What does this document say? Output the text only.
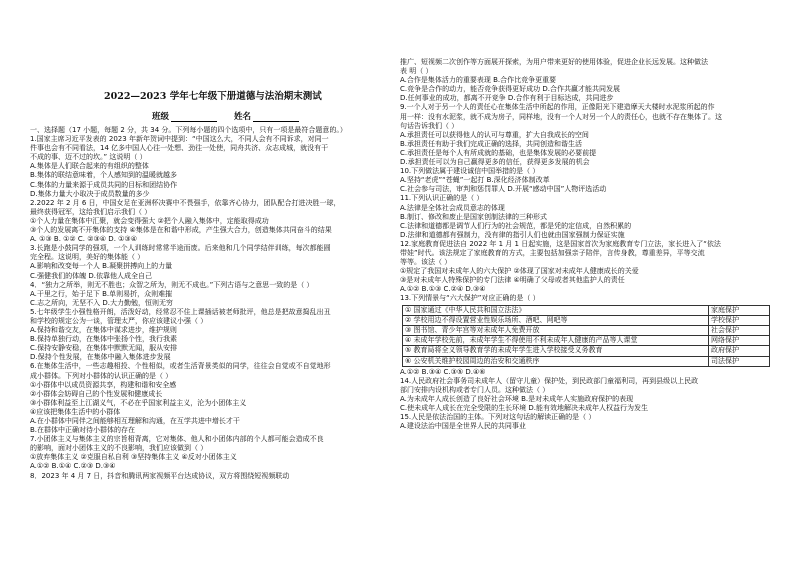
2022—2023 学年七年级下册道德与法治期末测试
班级	姓名
一、选择题（17 小题，每题 2 分，共 34 分。下列每小题的四个选项中，只有一项是最符合题意的。）
1.国家主席习近平发表的 2023 年新年贺词中提到：“中国这么大，不同人会有不同诉求，对同一
件事也会有不同看法，14 亿多中国人心往一处想、劲往一处使，同舟共济、众志成城，就没有干
不成的事、迈不过的坎。” 这说明（ ）
A.集体是人们联合起来的有组织的整体
B.集体的联结意味着，个人感知到的温暖就越多
C.集体的力量来源于成员共同的目标和团结协作
D.集体力量大小取决于成员数量的多少
2.2022 年 2 月 6 日，中国女足在亚洲杯决赛中不畏强手，依靠齐心协力，团队配合打进决胜一球，
最终获得冠军，这给我们启示我们（ ）
①个人力量在集体中汇聚，就会变得强大 ②把个人融入集体中，定能取得成功
③个人的发展离不开集体的支持 ④集体是在和谐中形成，产生强大合力，创造集体共同奋斗的结果
A. ①③ B. ①② C. ②③④ D. ①③④
3.长跑是小鼓同学的强项，一个人训练时常常半途而废。后来他和几个同学结伴训练，每次都能圆
完全程。这说明，美好的集体能（ ）
A.影响和改变每一个人 B.凝聚拼搏向上的力量
C.强健我们的体魄 D.依靠他人成全自己
4．“独力之所举，则无不胜也；众智之所为，则无不成也。”下列古语与之意思一致的是（ ）
A.干里之行，始于足下 B.单则易折，众则难摧
C.志之所向，无坚不入 D.大力勤勉，恒则无穷
5.七年级学生小强性格开朗，活泼好动，经常忍不住上课插话被老师批评，他总是把故意捣乱出丑
和学校的规定公为一谈，管理太严，你应该建议小强（ ）
A.保持和谐交友，在集体中谋求进步，维护规则
B.保持单独行动，在集体中张扬个性，我行我素
C.保持安静安稳，在集体中默默无闻，服从安排
D.保持个性发展，在集体中融入集体进步发展
6.在集体生活中，一些志趣相投、个性相似，或者生活背景类似的同学，往往会自觉或不自觉地形
成小群体。下列对小群体的认识正确的是（ ）
①小群体中以成员资源共享，构建和谐和安全感
②小群体会妨碍自己的个性发展和健康成长
③小群体利益至上江湖义气，不必在乎国家利益主义，沦为小团体主义
④应该把集体生活中的小群体
A.在小群体中同伴之间能够相互理解和沟通，在互学共进中增长才干
B.在群体中正确对待小群体的存在
7.小团体主义与集体主义的宗旨相背离，它对集体、他人和小团体内部的个人都可能会造成不良
的影响，面对小团体主义的不良影响，我们应该做到（ ）
①放弃集体主义 ②克服自私自利 ③坚持集体主义 ④反对小团体主义
A.①② B.①④ C.②③ D.③④
8．2023 年 4 月 7 日，抖音和腾讯两家视频平台达成协议，双方将围绕短视频联动
推广、短视频二次创作等方面展开探索，为用户带来更好的使用体验，促进企业长远发展。这种做法
表 明（ ）
A.合作是集体活力的重要表现 B.合作比竞争更重要
C.竞争是合作的动力，能否竞争获得更好成功 D.合作共赢才能共同发展
D.任何事业的成功，都离不开竞争 D.合作有利于目标达成，共同进步
9.一个人对于另一个人的责任心在集体生活中所起的作用，正像阳光下建造摩天大楼时水泥浆所起的作
用一样：没有水泥浆，就不成为房子，同样地，没有一个人对另一个人的责任心，也就不存在集体了。这
句话告诉我们（ ）
A.承担责任可以获得他人的认可与尊重，扩大自我成长的空间
B.承担责任有助于我们完成正确的选择，共同创造和谐生活
C.承担责任是每个人有所成就的基础，也是集体发展的必要前提
D.承担责任可以为自己赢得更多的信任，获得更多发展的机会
10.下列做法属于建设诚信中国举措的是（ ）
A.坚持“老虎”“苍蝇”一起打 B.深化经济体制改革
C.社会参与司法，审判和惩罚罪人 D.开展“感动中国”人物评选活动
11.下列认识正确的是（ ）
A.法律是全体社会成员意志的体现
B.制订、修改和废止是国家创制法律的三种形式
C.法律和道德都是调节人们行为的社会规范，都是凭的定信成，自然积累的
D.法律和道德都有强制力，没有律的指引人们也就由国家强制力保证实施
12.家庭教育促进法自 2022 年 1 月 1 日起实施，这是国家首次为家庭教育专门立法，家长进入了“依法
带娃”时代。该法规定了家庭教育的方式，主要包括加强亲子陪伴，言传身教，尊重差异，平等交流
等等。该法（ ）
①规定了我国对未成年人的六大保护 ②体现了国家对未成年人健康成长的关爱
③是对未成年人特殊保护的专门法律 ④明确了父母或者其他监护人的责任
A.①② B.①③ C.②④ D.③④
13.下列情景与“六大保护”对应正确的是（ ）
① 国家通过《中华人民共和国立法法》	家庭保护
② 学校用边不得设置营业性娱乐场所、酒吧、网吧等	学校保护
③ 图书馆、青少年宫等对未成年人免费开放	社会保护
④ 未成年学校先前，未成年学生不得使用不利未成年人健康的产品等人课堂	网络保护
⑤ 教育局将全义领导教育学的未成年学生进入学校接受义务教育	政府保护
⑥ 公安机关维护校园周边的治安和交通秩序	司法保护
A.①② B.③④ C.③⑤ D.④⑥
14.人民政府社会事务司未成年人（留守儿童）保护处，到民政部门童福利司，再到县级以上民政
部门安排内设机构或者专门人员。这种做法（ ）
A.为未成年人成长创造了良好社会环境 B.是对未成年人实施政府保护的表现
C.使未成年人成长在完全受限的生长环境 D.能有效地解决未成年人权益行为发生
15.人民是依法治国的主体。下列对这句话的解读正确的是（ ）
A.建设法治中国是全世界人民的共同事业
